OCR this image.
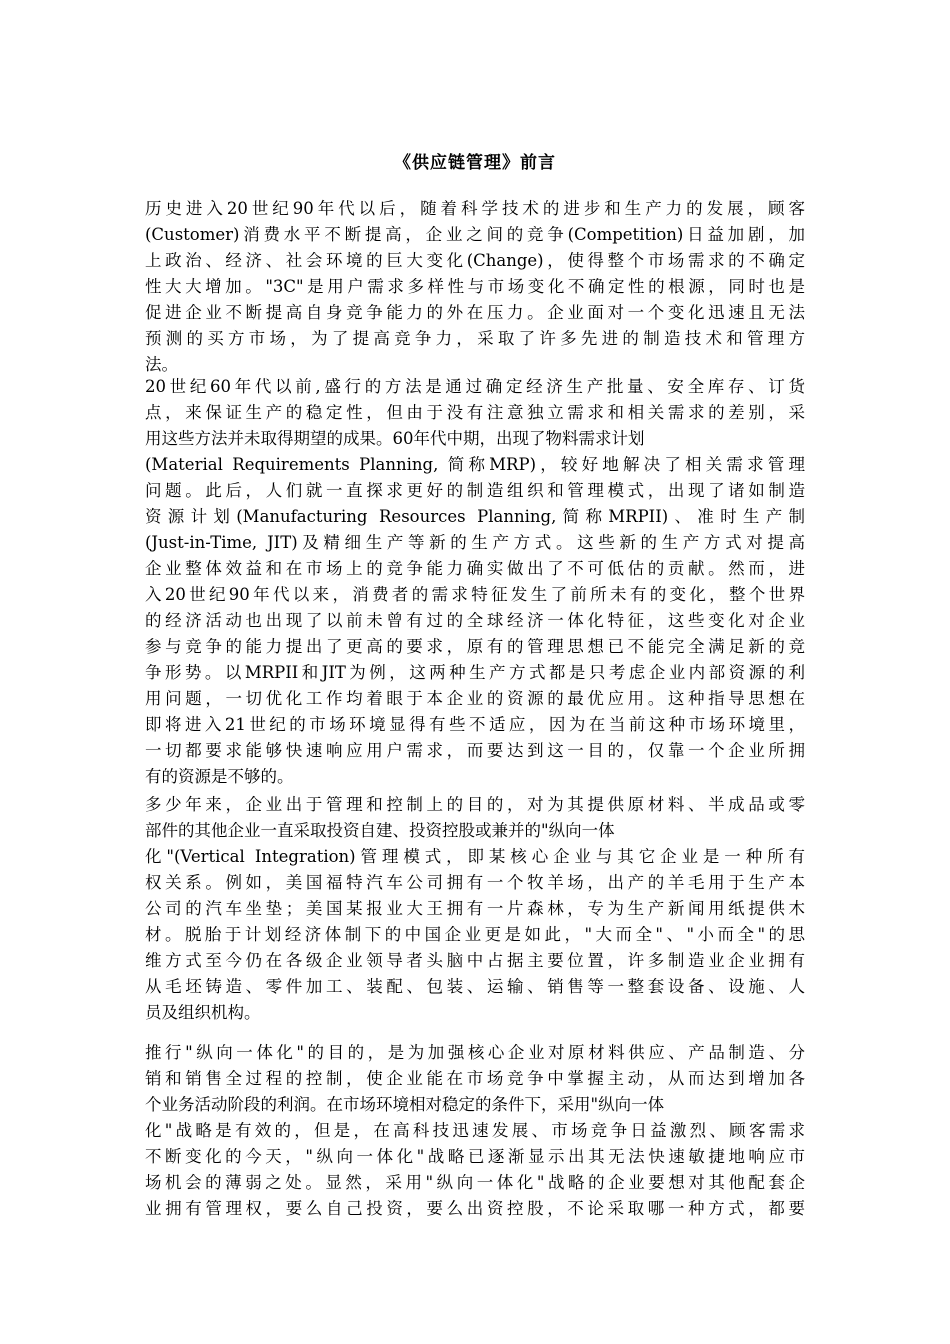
《供应链管理》前言
历史进入20世纪90年代以后，随着科学技术的进步和生产力的发展，顾客
(Customer)消费水平不断提高，企业之间的竞争(Competition)日益加剧，加
上政治、经济、社会环境的巨大变化(Change)，使得整个市场需求的不确定
性大大增加。"3C"是用户需求多样性与市场变化不确定性的根源，同时也是
促进企业不断提高自身竞争能力的外在压力。企业面对一个变化迅速且无法
预测的买方市场，为了提高竞争力，采取了许多先进的制造技术和管理方
法。
20世纪60年代以前,盛行的方法是通过确定经济生产批量、安全库存、订货
点，来保证生产的稳定性，但由于没有注意独立需求和相关需求的差别，采
用这些方法并未取得期望的成果。60年代中期，出现了物料需求计划
(Material Requirements Planning, 简称MRP)，较好地解决了相关需求管理
问题。此后，人们就一直探求更好的制造组织和管理模式，出现了诸如制造
资源计划(Manufacturing Resources Planning,简称MRPII)、准时生产制
(Just-in-Time, JIT)及精细生产等新的生产方式。这些新的生产方式对提高
企业整体效益和在市场上的竞争能力确实做出了不可低估的贡献。然而，进
入20世纪90年代以来，消费者的需求特征发生了前所未有的变化，整个世界
的经济活动也出现了以前未曾有过的全球经济一体化特征，这些变化对企业
参与竞争的能力提出了更高的要求，原有的管理思想已不能完全满足新的竞
争形势。以MRPII和JIT为例，这两种生产方式都是只考虑企业内部资源的利
用问题，一切优化工作均着眼于本企业的资源的最优应用。这种指导思想在
即将进入21世纪的市场环境显得有些不适应，因为在当前这种市场环境里，
一切都要求能够快速响应用户需求，而要达到这一目的，仅靠一个企业所拥
有的资源是不够的。
多少年来，企业出于管理和控制上的目的，对为其提供原材料、半成品或零
部件的其他企业一直采取投资自建、投资控股或兼并的"纵向一体
化"(Vertical Integration)管理模式，即某核心企业与其它企业是一种所有
权关系。例如，美国福特汽车公司拥有一个牧羊场，出产的羊毛用于生产本
公司的汽车坐垫；美国某报业大王拥有一片森林，专为生产新闻用纸提供木
材。脱胎于计划经济体制下的中国企业更是如此，"大而全"、"小而全"的思
维方式至今仍在各级企业领导者头脑中占据主要位置，许多制造业企业拥有
从毛坯铸造、零件加工、装配、包装、运输、销售等一整套设备、设施、人
员及组织机构。
推行"纵向一体化"的目的，是为加强核心企业对原材料供应、产品制造、分
销和销售全过程的控制，使企业能在市场竞争中掌握主动，从而达到增加各
个业务活动阶段的利润。在市场环境相对稳定的条件下，采用"纵向一体
化"战略是有效的，但是，在高科技迅速发展、市场竞争日益激烈、顾客需求
不断变化的今天，"纵向一体化"战略已逐渐显示出其无法快速敏捷地响应市
场机会的薄弱之处。显然，采用"纵向一体化"战略的企业要想对其他配套企
业拥有管理权，要么自己投资，要么出资控股，不论采取哪一种方式，都要
